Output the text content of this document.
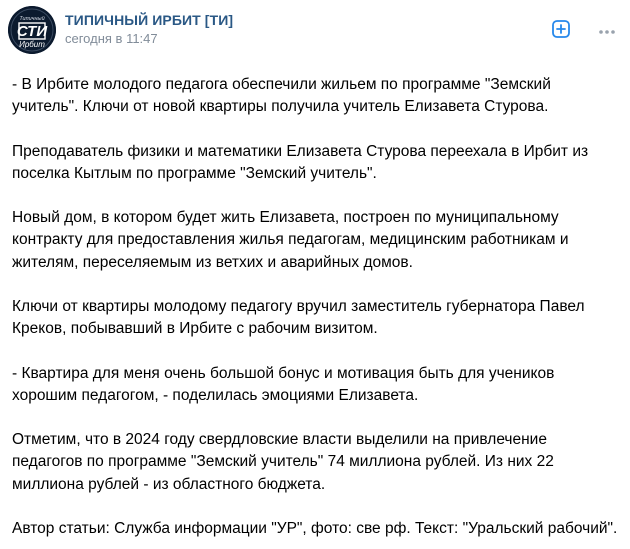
Типичный
СТИ
Ирбит
ТИПИЧНЫЙ ИРБИТ [ТИ]
сегодня в 11:47

- В Ирбите молодого педагога обеспечили жильем по программе "Земский учитель". Ключи от новой квартиры получила учитель Елизавета Стурова.

Преподаватель физики и математики Елизавета Стурова переехала в Ирбит из поселка Кытлым по программе "Земский учитель".

Новый дом, в котором будет жить Елизавета, построен по муниципальному контракту для предоставления жилья педагогам, медицинским работникам и жителям, переселяемым из ветхих и аварийных домов.

Ключи от квартиры молодому педагогу вручил заместитель губернатора Павел Креков, побывавший в Ирбите с рабочим визитом.

- Квартира для меня очень большой бонус и мотивация быть для учеников хорошим педагогом, - поделилась эмоциями Елизавета.

Отметим, что в 2024 году свердловские власти выделили на привлечение педагогов по программе "Земский учитель" 74 миллиона рублей. Из них 22 миллиона рублей - из областного бюджета.

Автор статьи: Служба информации "УР", фото: све рф. Текст: "Уральский рабочий".
